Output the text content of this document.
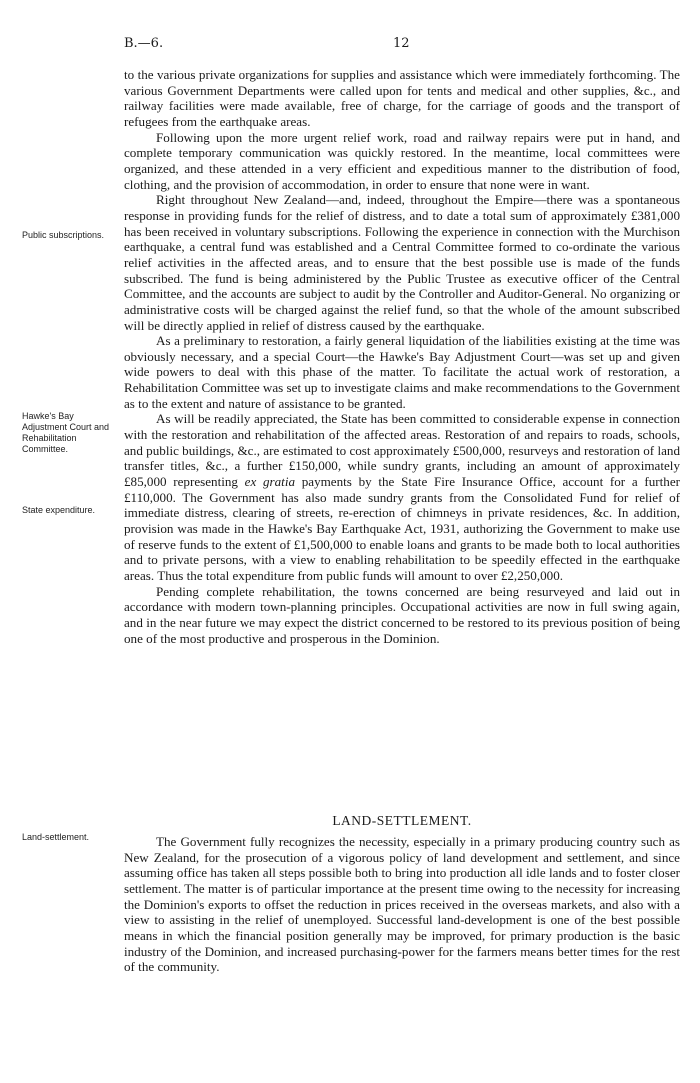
B.—6.	12
Public subscriptions.
Hawke's Bay Adjustment Court and Rehabilitation Committee.
State expenditure.
Land-settlement.

to the various private organizations for supplies and assistance which were immediately forthcoming. The various Government Departments were called upon for tents and medical and other supplies, &c., and railway facilities were made available, free of charge, for the carriage of goods and the transport of refugees from the earthquake areas.

Following upon the more urgent relief work, road and railway repairs were put in hand, and complete temporary communication was quickly restored. In the meantime, local committees were organized, and these attended in a very efficient and expeditious manner to the distribution of food, clothing, and the provision of accommodation, in order to ensure that none were in want.

Right throughout New Zealand—and, indeed, throughout the Empire—there was a spontaneous response in providing funds for the relief of distress, and to date a total sum of approximately £381,000 has been received in voluntary subscriptions. Following the experience in connection with the Murchison earthquake, a central fund was established and a Central Committee formed to co-ordinate the various relief activities in the affected areas, and to ensure that the best possible use is made of the funds subscribed. The fund is being administered by the Public Trustee as executive officer of the Central Committee, and the accounts are subject to audit by the Controller and Auditor-General. No organizing or administrative costs will be charged against the relief fund, so that the whole of the amount subscribed will be directly applied in relief of distress caused by the earthquake.

As a preliminary to restoration, a fairly general liquidation of the liabilities existing at the time was obviously necessary, and a special Court—the Hawke's Bay Adjustment Court—was set up and given wide powers to deal with this phase of the matter. To facilitate the actual work of restoration, a Rehabilitation Committee was set up to investigate claims and make recommendations to the Government as to the extent and nature of assistance to be granted.

As will be readily appreciated, the State has been committed to considerable expense in connection with the restoration and rehabilitation of the affected areas. Restoration of and repairs to roads, schools, and public buildings, &c., are estimated to cost approximately £500,000, resurveys and restoration of land transfer titles, &c., a further £150,000, while sundry grants, including an amount of approximately £85,000 representing ex gratia payments by the State Fire Insurance Office, account for a further £110,000. The Government has also made sundry grants from the Consolidated Fund for relief of immediate distress, clearing of streets, re-erection of chimneys in private residences, &c. In addition, provision was made in the Hawke's Bay Earthquake Act, 1931, authorizing the Government to make use of reserve funds to the extent of £1,500,000 to enable loans and grants to be made both to local authorities and to private persons, with a view to enabling rehabilitation to be speedily effected in the earthquake areas. Thus the total expenditure from public funds will amount to over £2,250,000.

Pending complete rehabilitation, the towns concerned are being resurveyed and laid out in accordance with modern town-planning principles. Occupational activities are now in full swing again, and in the near future we may expect the district concerned to be restored to its previous position of being one of the most productive and prosperous in the Dominion.

LAND-SETTLEMENT.

The Government fully recognizes the necessity, especially in a primary producing country such as New Zealand, for the prosecution of a vigorous policy of land development and settlement, and since assuming office has taken all steps possible both to bring into production all idle lands and to foster closer settlement. The matter is of particular importance at the present time owing to the necessity for increasing the Dominion's exports to offset the reduction in prices received in the overseas markets, and also with a view to assisting in the relief of unemployed. Successful land-development is one of the best possible means in which the financial position generally may be improved, for primary production is the basic industry of the Dominion, and increased purchasing-power for the farmers means better times for the rest of the community.
